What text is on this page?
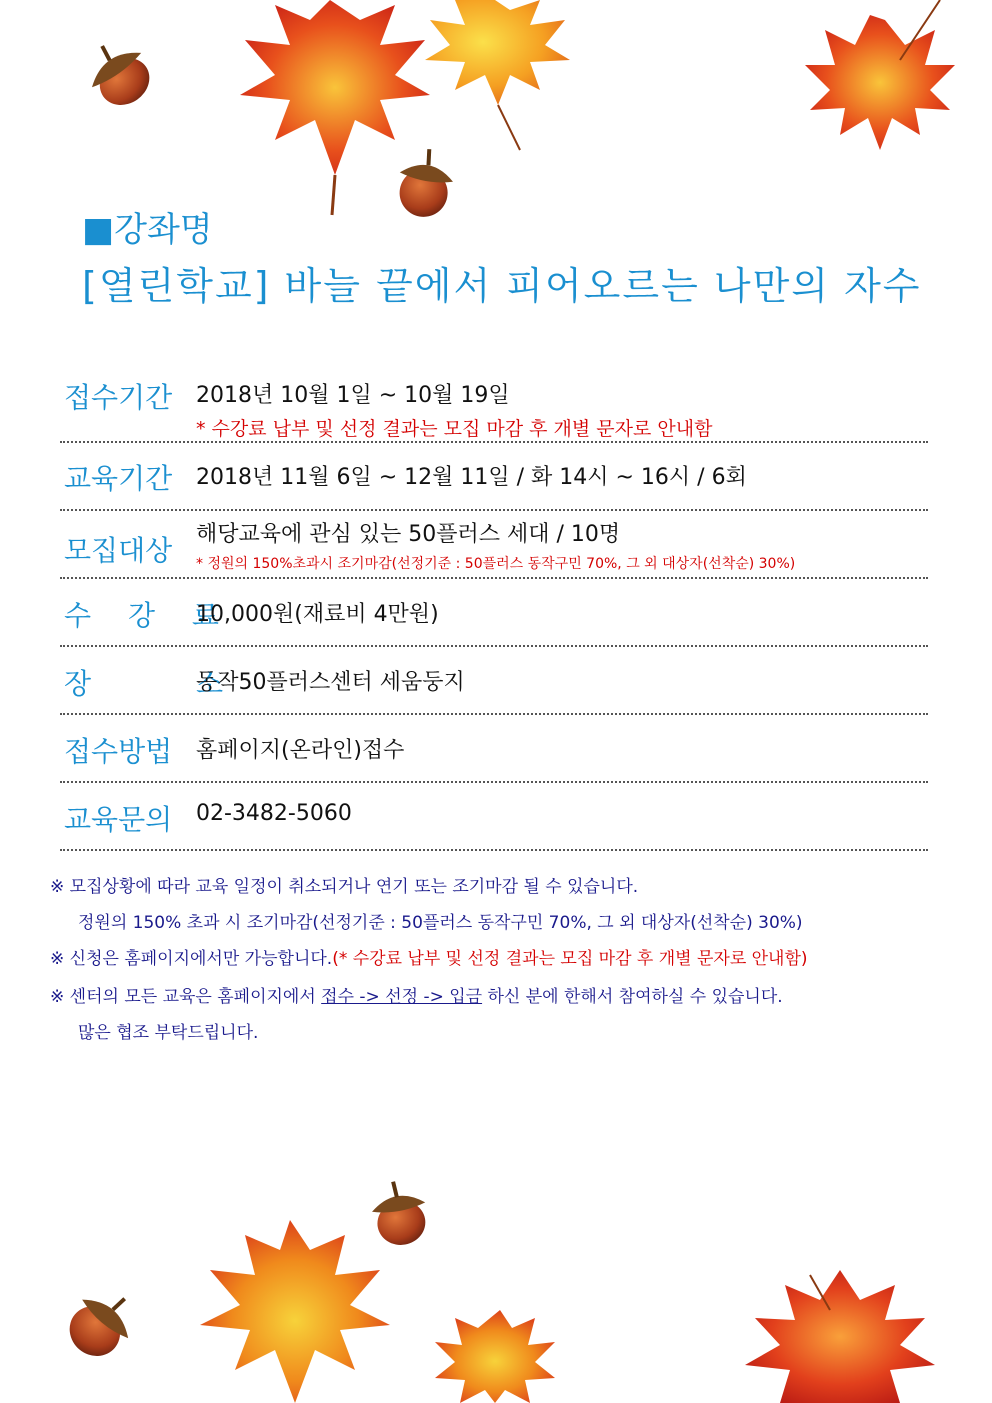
■강좌명
[열린학교] 바늘 끝에서 피어오르는 나만의 자수
접수기간 2018년 10월 1일 ~ 10월 19일
* 수강료 납부 및 선정 결과는 모집 마감 후 개별 문자로 안내함
교육기간 2018년 11월 6일 ~ 12월 11일 / 화 14시 ~ 16시 / 6회
모집대상 해당교육에 관심 있는 50플러스 세대 / 10명
* 정원의 150%초과시 조기마감(선정기준 : 50플러스 동작구민 70%, 그 외 대상자(선착순) 30%)
수 강 료
10,000원(재료비 4만원)
장 소
동작50플러스센터 세움둥지
접수방법 홈페이지(온라인)접수
교육문의 02-3482-5060
※ 모집상황에 따라 교육 일정이 취소되거나 연기 또는 조기마감 될 수 있습니다.
정원의 150% 초과 시 조기마감(선정기준 : 50플러스 동작구민 70%, 그 외 대상자(선착순) 30%)
※ 신청은 홈페이지에서만 가능합니다.(* 수강료 납부 및 선정 결과는 모집 마감 후 개별 문자로 안내함)
※ 센터의 모든 교육은 홈페이지에서 접수 -> 선정 -> 입금 하신 분에 한해서 참여하실 수 있습니다.
많은 협조 부탁드립니다.
